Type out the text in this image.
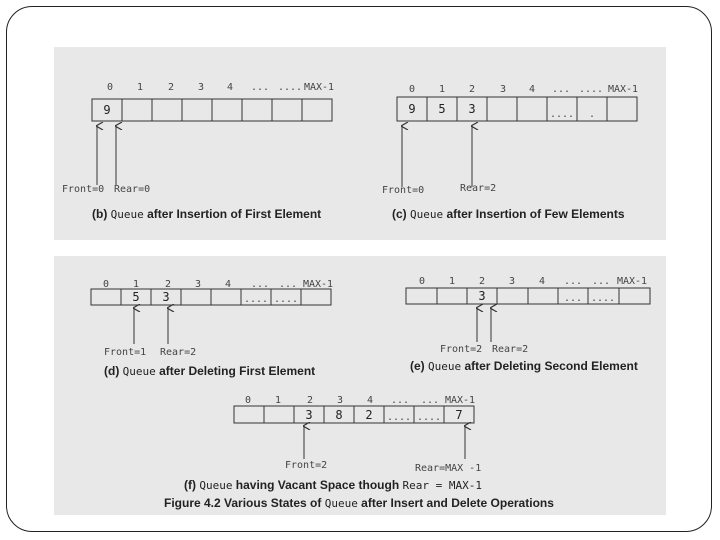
0 1 2 3 4 ... .... MAX-1
9
Front=0 Rear=0
(b) Queue after Insertion of First Element
0 1 2 3 4 ... .... MAX-1
9 5 3	.... .
Front=0	Rear=2
(c) Queue after Insertion of Few Elements
0 1	2 3 4 ... ... MAX-1
5 3	.... ....
Front=1 Rear=2
(d) Queue after Deleting First Element
0 1 2 3 4 ... ... MAX-1
3	... ....
Front=2 Rear=2
(e) Queue after Deleting Second Element
0 1	2 3 4 ... ... MAX-1
3 8 2 .... .... 7
Front=2	Rear=MAX -1
(f) Queue having Vacant Space though Rear = MAX-1
Figure 4.2 Various States of Queue after Insert and Delete Operations
